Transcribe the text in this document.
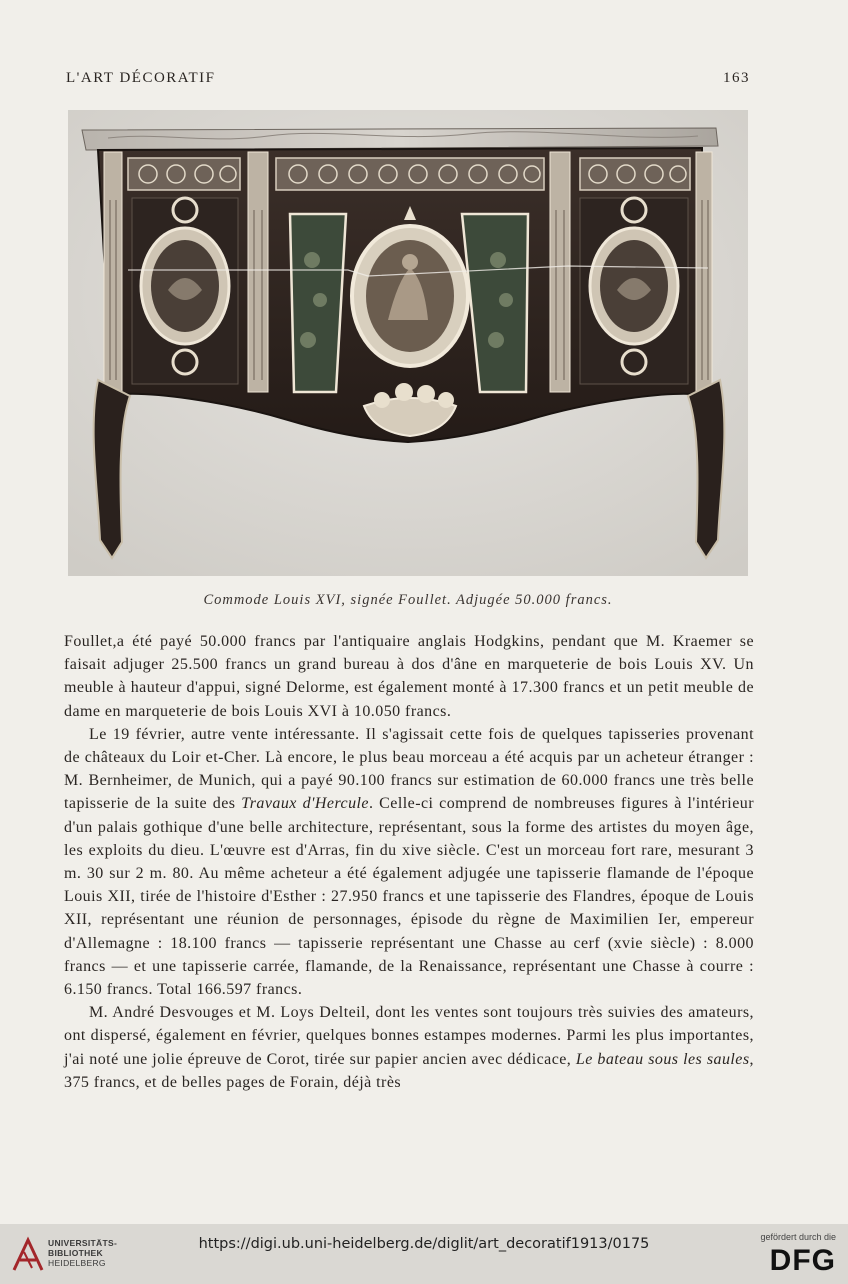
L'ART DÉCORATIF	163
Commode Louis XVI, signée Foullet. Adjugée 50.000 francs.

Foullet,a été payé 50.000 francs par l'antiquaire anglais Hodgkins, pendant que M. Kraemer se faisait adjuger 25.500 francs un grand bureau à dos d'âne en marqueterie de bois Louis XV. Un meuble à hauteur d'appui, signé Delorme, est également monté à 17.300 francs et un petit meuble de dame en marqueterie de bois Louis XVI à 10.050 francs.

Le 19 février, autre vente intéressante. Il s'agissait cette fois de quelques tapisseries provenant de châteaux du Loir et-Cher. Là encore, le plus beau morceau a été acquis par un acheteur étranger : M. Bernheimer, de Munich, qui a payé 90.100 francs sur estimation de 60.000 francs une très belle tapisserie de la suite des Travaux d'Hercule. Celle-ci comprend de nombreuses figures à l'intérieur d'un palais gothique d'une belle architecture, représentant, sous la forme des artistes du moyen âge, les exploits du dieu. L'œuvre est d'Arras, fin du xive siècle. C'est un morceau fort rare, mesurant 3 m. 30 sur 2 m. 80. Au même acheteur a été également adjugée une tapisserie flamande de l'époque Louis XII, tirée de l'histoire d'Esther : 27.950 francs et une tapisserie des Flandres, époque de Louis XII, représentant une réunion de personnages, épisode du règne de Maximilien Ier, empereur d'Allemagne : 18.100 francs — tapisserie représentant une Chasse au cerf (xvie siècle) : 8.000 francs — et une tapisserie carrée, flamande, de la Renaissance, représentant une Chasse à courre : 6.150 francs. Total 166.597 francs.

M. André Desvouges et M. Loys Delteil, dont les ventes sont toujours très suivies des amateurs, ont dispersé, également en février, quelques bonnes estampes modernes. Parmi les plus importantes, j'ai noté une jolie épreuve de Corot, tirée sur papier ancien avec dédicace, Le bateau sous les saules, 375 francs, et de belles pages de Forain, déjà très

UNIVERSITÄTS-
BIBLIOTHEK
HEIDELBERG
https://digi.ub.uni-heidelberg.de/diglit/art_decoratif1913/0175	gefördert durch die
DFG
